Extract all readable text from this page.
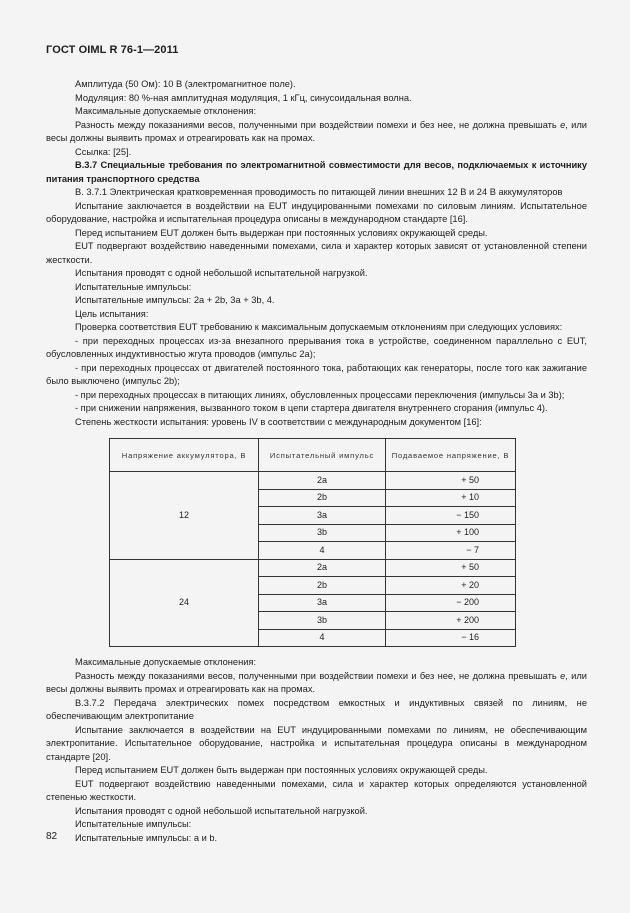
ГОСТ OIML R 76-1—2011

Амплитуда (50 Ом): 10 В (электромагнитное поле).

Модуляция: 80 %-ная амплитудная модуляция, 1 кГц, синусоидальная волна.

Максимальные допускаемые отклонения:

Разность между показаниями весов, полученными при воздействии помехи и без нее, не должна превышать e, или весы должны выявить промах и отреагировать как на промах.

Ссылка: [25].

B.3.7 Специальные требования по электромагнитной совместимости для весов, подключаемых к источнику питания транспортного средства

B. 3.7.1 Электрическая кратковременная проводимость по питающей линии внешних 12 В и 24 В аккумуляторов

Испытание заключается в воздействии на EUT индуцированными помехами по силовым линиям. Испытательное оборудование, настройка и испытательная процедура описаны в международном стандарте [16].

Перед испытанием EUT должен быть выдержан при постоянных условиях окружающей среды.

EUT подвергают воздействию наведенными помехами, сила и характер которых зависят от установленной степени жесткости.

Испытания проводят с одной небольшой испытательной нагрузкой.

Испытательные импульсы:

Испытательные импульсы: 2a + 2b, 3a + 3b, 4.

Цель испытания:

Проверка соответствия EUT требованию к максимальным допускаемым отклонениям при следующих условиях:

- при переходных процессах из-за внезапного прерывания тока в устройстве, соединенном параллельно с EUT, обусловленных индуктивностью жгута проводов (импульс 2a);

- при переходных процессах от двигателей постоянного тока, работающих как генераторы, после того как зажигание было выключено (импульс 2b);

- при переходных процессах в питающих линиях, обусловленных процессами переключения (импульсы 3a и 3b);

- при снижении напряжения, вызванного током в цепи стартера двигателя внутреннего сгорания (импульс 4).

Степень жесткости испытания: уровень IV в соответствии с международным документом [16]:

Напряжение аккумулятора, В	Испытательный импульс	Подаваемое напряжение, В
12	2a	+ 50
	2b	+ 10
	3a	− 150
	3b	+ 100
	4	− 7
24	2a	+ 50
	2b	+ 20
	3a	− 200
	3b	+ 200
	4	− 16

Максимальные допускаемые отклонения:

Разность между показаниями весов, полученными при воздействии помехи и без нее, не должна превышать e, или весы должны выявить промах и отреагировать как на промах.

B.3.7.2 Передача электрических помех посредством емкостных и индуктивных связей по линиям, не обеспечивающим электропитание

Испытание заключается в воздействии на EUT индуцированными помехами по линиям, не обеспечивающим электропитание. Испытательное оборудование, настройка и испытательная процедура описаны в международном стандарте [20].

Перед испытанием EUT должен быть выдержан при постоянных условиях окружающей среды.

EUT подвергают воздействию наведенными помехами, сила и характер которых определяются установленной степенью жесткости.

Испытания проводят с одной небольшой испытательной нагрузкой.

Испытательные импульсы:

Испытательные импульсы: a и b.

82
